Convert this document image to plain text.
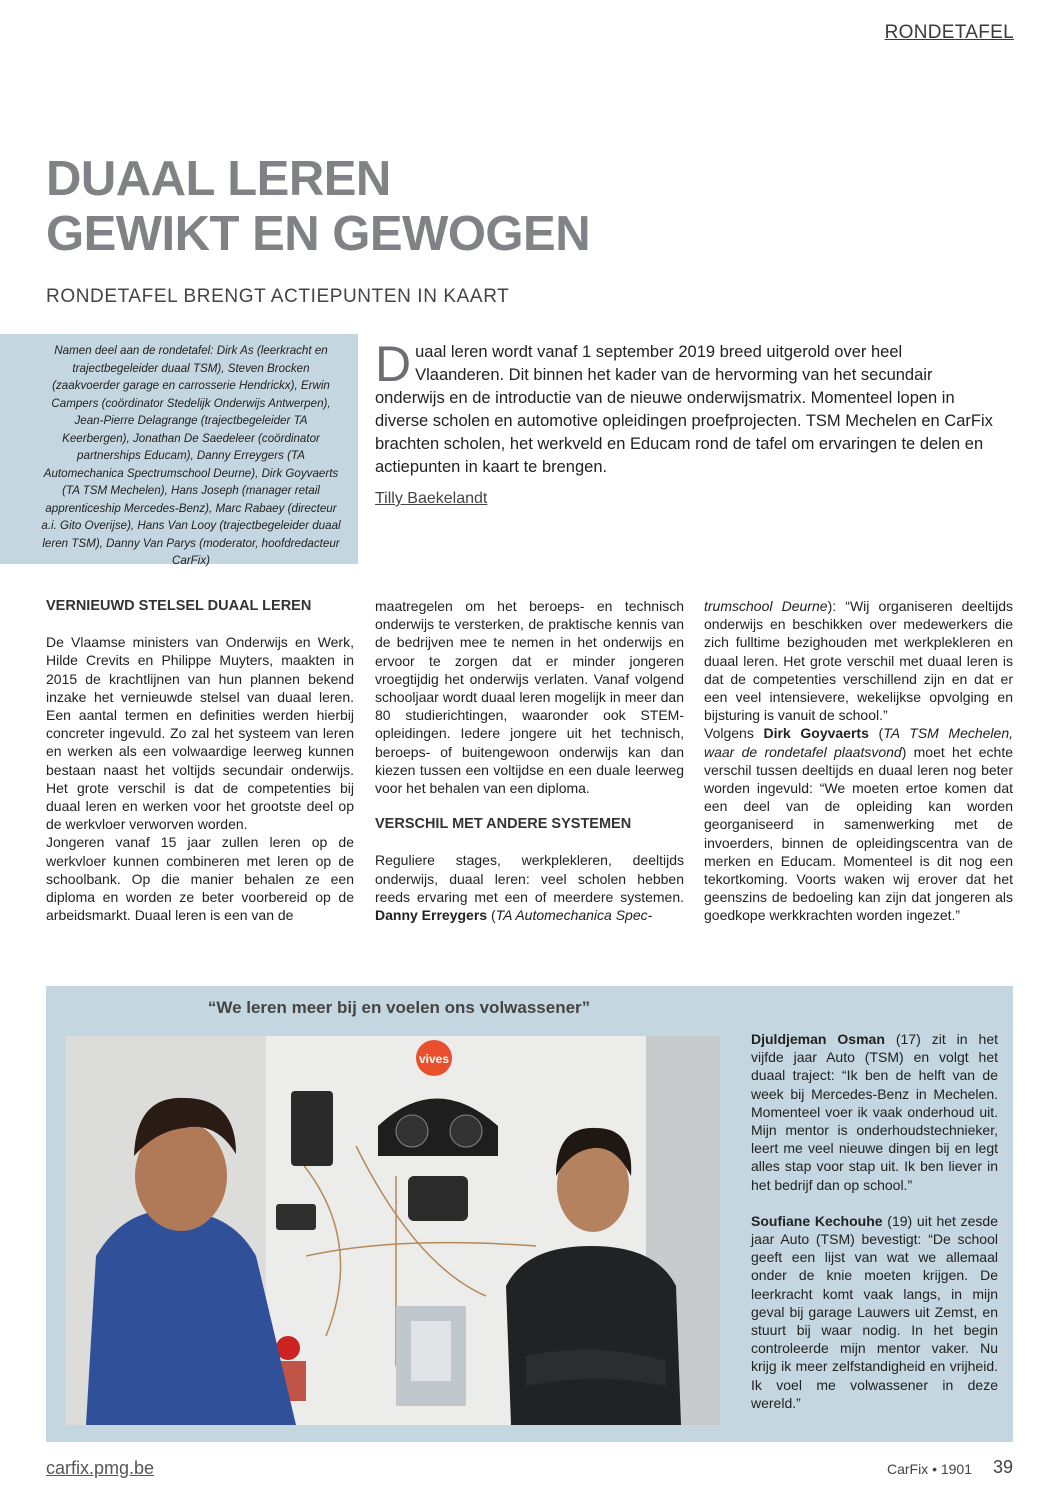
RONDETAFEL
DUAAL LEREN
GEWIKT EN GEWOGEN
RONDETAFEL BRENGT ACTIEPUNTEN IN KAART
Namen deel aan de rondetafel: Dirk As (leerkracht en trajectbegeleider duaal TSM), Steven Brocken (zaakvoerder garage en carrosserie Hendrickx), Erwin Campers (coördinator Stedelijk Onderwijs Antwerpen), Jean-Pierre Delagrange (trajectbegeleider TA Keerbergen), Jonathan De Saedeleer (coördinator partnerships Educam), Danny Erreygers (TA Automechanica Spectrumschool Deurne), Dirk Goyvaerts (TA TSM Mechelen), Hans Joseph (manager retail apprenticeship Mercedes-Benz), Marc Rabaey (directeur a.i. Gito Overijse), Hans Van Looy (trajectbegeleider duaal leren TSM), Danny Van Parys (moderator, hoofdredacteur CarFix)
D uaal leren wordt vanaf 1 september 2019 breed uitgerold over heel Vlaanderen. Dit binnen het kader van de hervorming van het secundair onderwijs en de introductie van de nieuwe onderwijsmatrix. Momenteel lopen in diverse scholen en automotive opleidingen proefprojecten. TSM Mechelen en CarFix brachten scholen, het werkveld en Educam rond de tafel om ervaringen te delen en actiepunten in kaart te brengen.

Tilly Baekelandt
VERNIEUWD STELSEL DUAAL LEREN

De Vlaamse ministers van Onderwijs en Werk, Hilde Crevits en Philippe Muyters, maakten in 2015 de krachtlijnen van hun plannen bekend inzake het vernieuwde stelsel van duaal leren. Een aantal termen en definities werden hierbij concreter ingevuld. Zo zal het systeem van leren en werken als een volwaardige leerweg kunnen bestaan naast het voltijds secundair onderwijs. Het grote verschil is dat de competenties bij duaal leren en werken voor het grootste deel op de werkvloer verworven worden.

Jongeren vanaf 15 jaar zullen leren op de werkvloer kunnen combineren met leren op de schoolbank. Op die manier behalen ze een diploma en worden ze beter voorbereid op de arbeidsmarkt. Duaal leren is een van de

maatregelen om het beroeps- en technisch onderwijs te versterken, de praktische kennis van de bedrijven mee te nemen in het onderwijs en ervoor te zorgen dat er minder jongeren vroegtijdig het onderwijs verlaten. Vanaf volgend schooljaar wordt duaal leren mogelijk in meer dan 80 studierichtingen, waaronder ook STEM-opleidingen. Iedere jongere uit het technisch, beroeps- of buitengewoon onderwijs kan dan kiezen tussen een voltijdse en een duale leerweg voor het behalen van een diploma.

VERSCHIL MET ANDERE SYSTEMEN

Reguliere stages, werkplekleren, deeltijds onderwijs, duaal leren: veel scholen hebben reeds ervaring met een of meerdere systemen. Danny Erreygers (TA Automechanica Spec-

trumschool Deurne): “Wij organiseren deeltijds onderwijs en beschikken over medewerkers die zich fulltime bezighouden met werkplekleren en duaal leren. Het grote verschil met duaal leren is dat de competenties verschillend zijn en dat er een veel intensievere, wekelijkse opvolging en bijsturing is vanuit de school.”

Volgens Dirk Goyvaerts (TA TSM Mechelen, waar de rondetafel plaatsvond) moet het echte verschil tussen deeltijds en duaal leren nog beter worden ingevuld: “We moeten ertoe komen dat een deel van de opleiding kan worden georganiseerd in samenwerking met de invoerders, binnen de opleidingscentra van de merken en Educam. Momenteel is dit nog een tekortkoming. Voorts waken wij erover dat het geenszins de bedoeling kan zijn dat jongeren als goedkope werkkrachten worden ingezet.”

“We leren meer bij en voelen ons volwassener”
vives

Djuldjeman Osman (17) zit in het vijfde jaar Auto (TSM) en volgt het duaal traject: “Ik ben de helft van de week bij Mercedes-Benz in Mechelen. Momenteel voer ik vaak onderhoud uit. Mijn mentor is onderhoudstechnieker, leert me veel nieuwe dingen bij en legt alles stap voor stap uit. Ik ben liever in het bedrijf dan op school.”

Soufiane Kechouhe (19) uit het zesde jaar Auto (TSM) bevestigt: “De school geeft een lijst van wat we allemaal onder de knie moeten krijgen. De leerkracht komt vaak langs, in mijn geval bij garage Lauwers uit Zemst, en stuurt bij waar nodig. In het begin controleerde mijn mentor vaker. Nu krijg ik meer zelfstandigheid en vrijheid. Ik voel me volwassener in deze wereld.”

carfix.pmg.be	CarFix • 1901 39
